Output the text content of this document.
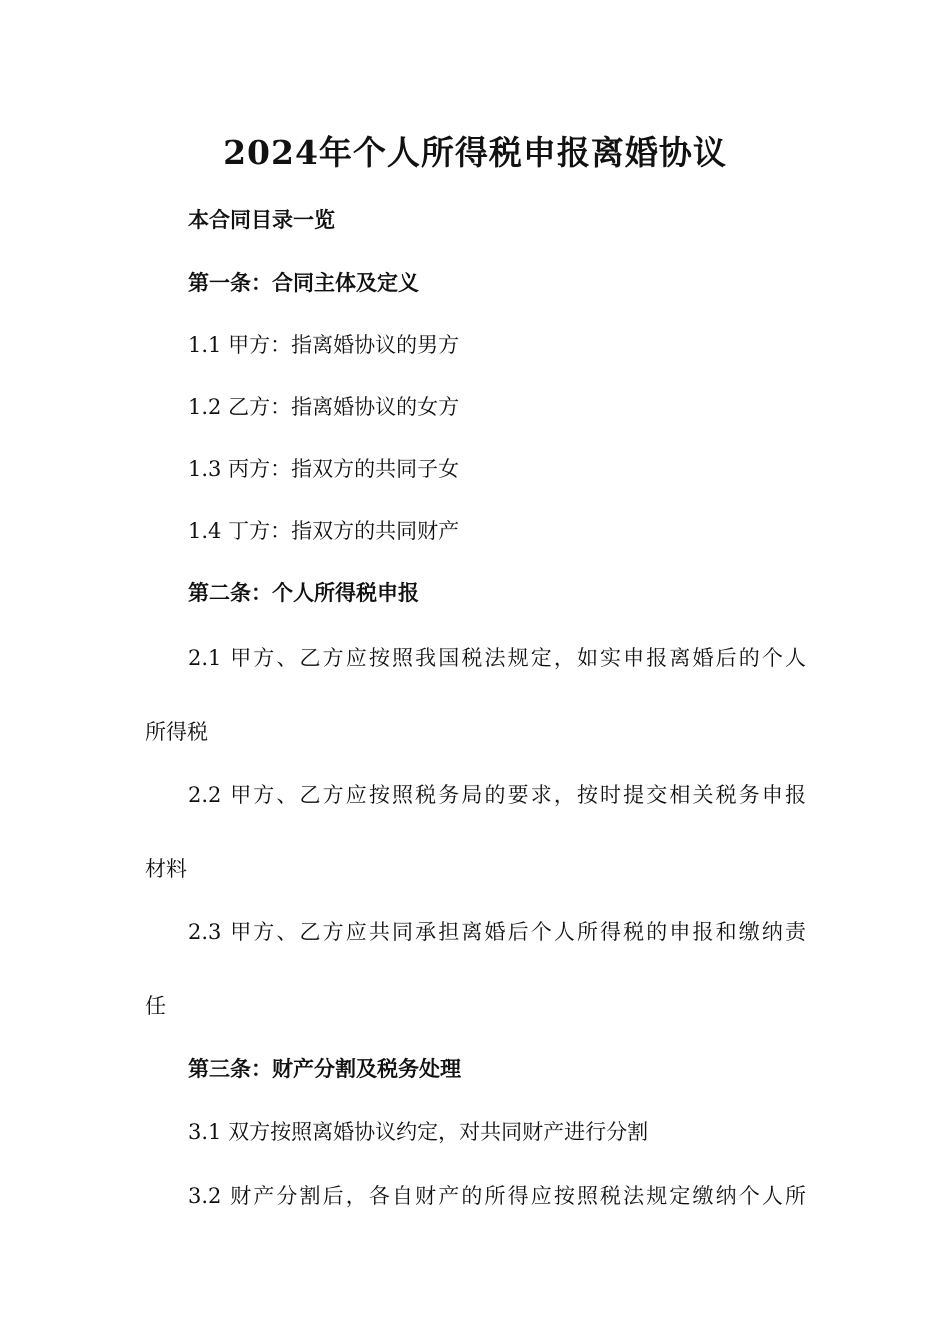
2024年个人所得税申报离婚协议

本合同目录一览

第一条：合同主体及定义

1.1 甲方：指离婚协议的男方

1.2 乙方：指离婚协议的女方

1.3 丙方：指双方的共同子女

1.4 丁方：指双方的共同财产

第二条：个人所得税申报

2.1 甲方、乙方应按照我国税法规定，如实申报离婚后的个人

所得税

2.2 甲方、乙方应按照税务局的要求，按时提交相关税务申报

材料

2.3 甲方、乙方应共同承担离婚后个人所得税的申报和缴纳责

任

第三条：财产分割及税务处理

3.1 双方按照离婚协议约定，对共同财产进行分割

3.2 财产分割后，各自财产的所得应按照税法规定缴纳个人所
